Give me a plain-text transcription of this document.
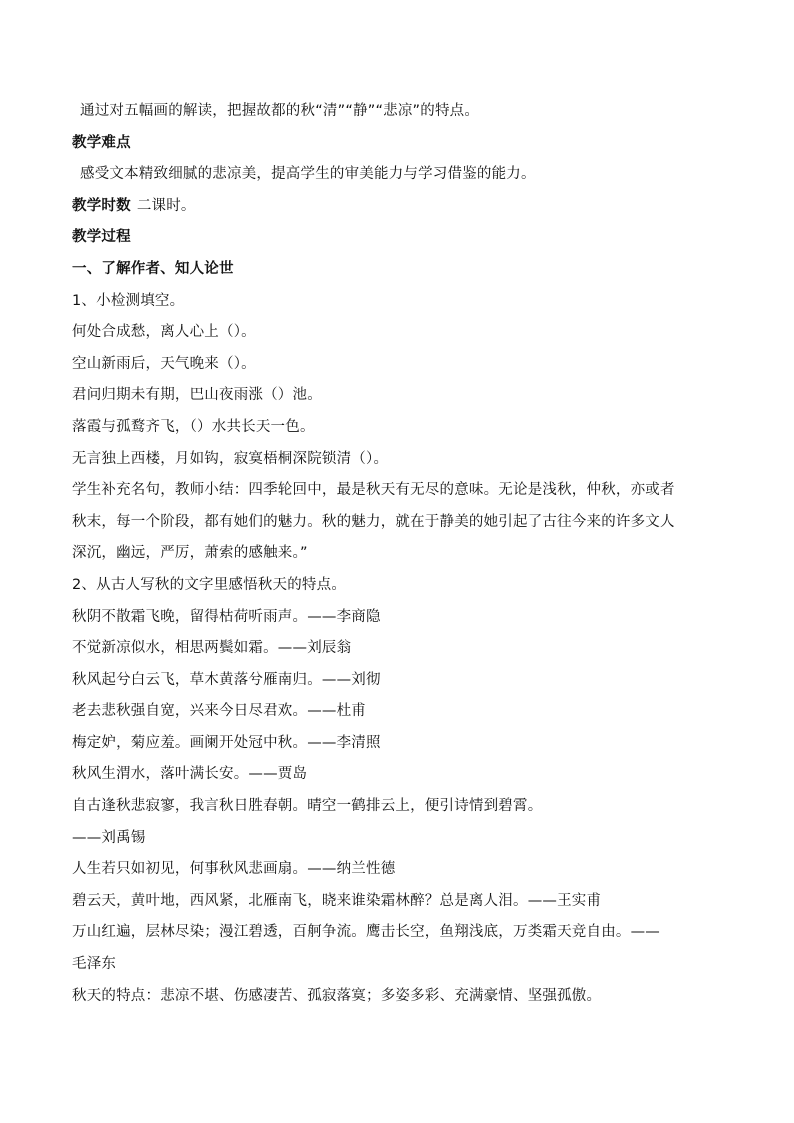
通过对五幅画的解读，把握故都的秋“清”“静”“悲凉”的特点。
教学难点
感受文本精致细腻的悲凉美，提高学生的审美能力与学习借鉴的能力。
教学时数 二课时。
教学过程
一、了解作者、知人论世
1、小检测填空。
何处合成愁，离人心上（）。
空山新雨后，天气晚来（）。
君问归期未有期，巴山夜雨涨（）池。
落霞与孤鹜齐飞，（）水共长天一色。
无言独上西楼，月如钩，寂寞梧桐深院锁清（）。
学生补充名句，教师小结：四季轮回中，最是秋天有无尽的意味。无论是浅秋，仲秋，亦或者
秋末，每一个阶段，都有她们的魅力。秋的魅力，就在于静美的她引起了古往今来的许多文人
深沉，幽远，严厉，萧索的感触来。”
2、从古人写秋的文字里感悟秋天的特点。
秋阴不散霜飞晚，留得枯荷听雨声。——李商隐
不觉新凉似水，相思两鬓如霜。——刘辰翁
秋风起兮白云飞，草木黄落兮雁南归。——刘彻
老去悲秋强自宽，兴来今日尽君欢。——杜甫
梅定妒，菊应羞。画阑开处冠中秋。——李清照
秋风生渭水，落叶满长安。——贾岛
自古逢秋悲寂寥，我言秋日胜春朝。晴空一鹤排云上，便引诗情到碧霄。
——刘禹锡
人生若只如初见，何事秋风悲画扇。——纳兰性德
碧云天，黄叶地，西风紧，北雁南飞，晓来谁染霜林醉？总是离人泪。——王实甫
万山红遍，层林尽染；漫江碧透，百舸争流。鹰击长空，鱼翔浅底，万类霜天竞自由。——
毛泽东
秋天的特点：悲凉不堪、伤感凄苦、孤寂落寞；多姿多彩、充满豪情、坚强孤傲。
